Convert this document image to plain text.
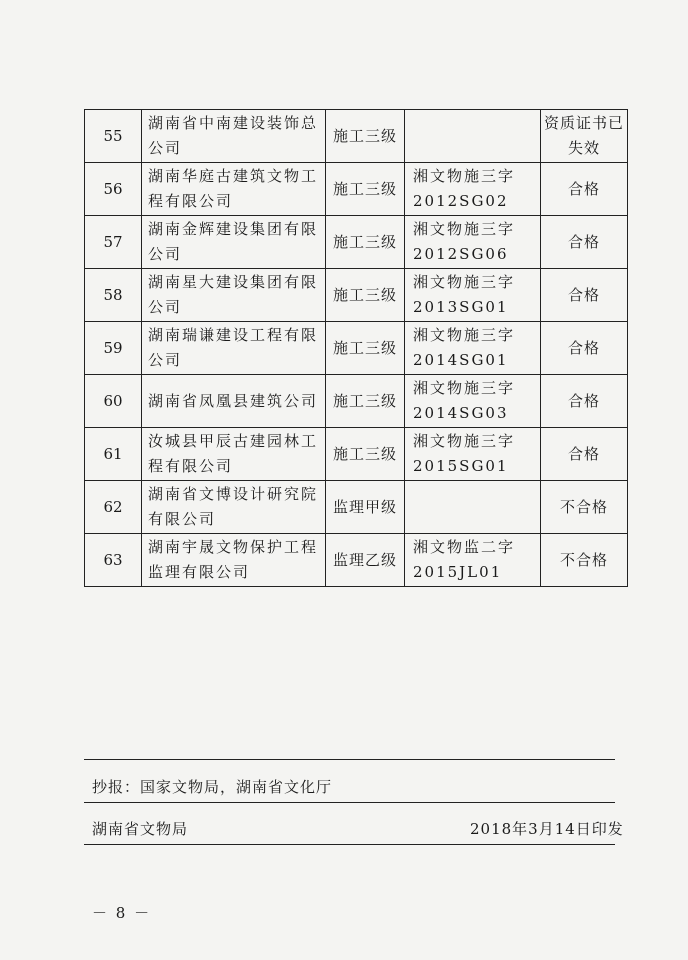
55	湖南省中南建设装饰总公司	施工三级		资质证书已失效
56	湖南华庭古建筑文物工程有限公司	施工三级	湘文物施三字2012SG02	合格
57	湖南金辉建设集团有限公司	施工三级	湘文物施三字2012SG06	合格
58	湖南星大建设集团有限公司	施工三级	湘文物施三字2013SG01	合格
59	湖南瑞谦建设工程有限公司	施工三级	湘文物施三字2014SG01	合格
60	湖南省凤凰县建筑公司	施工三级	湘文物施三字2014SG03	合格
61	汝城县甲辰古建园林工程有限公司	施工三级	湘文物施三字2015SG01	合格
62	湖南省文博设计研究院有限公司	监理甲级		不合格
63	湖南宇晟文物保护工程监理有限公司	监理乙级	湘文物监二字2015JL01	不合格
抄报：国家文物局，湖南省文化厅
湖南省文物局	2018年3月14日印发
－ 8 －
